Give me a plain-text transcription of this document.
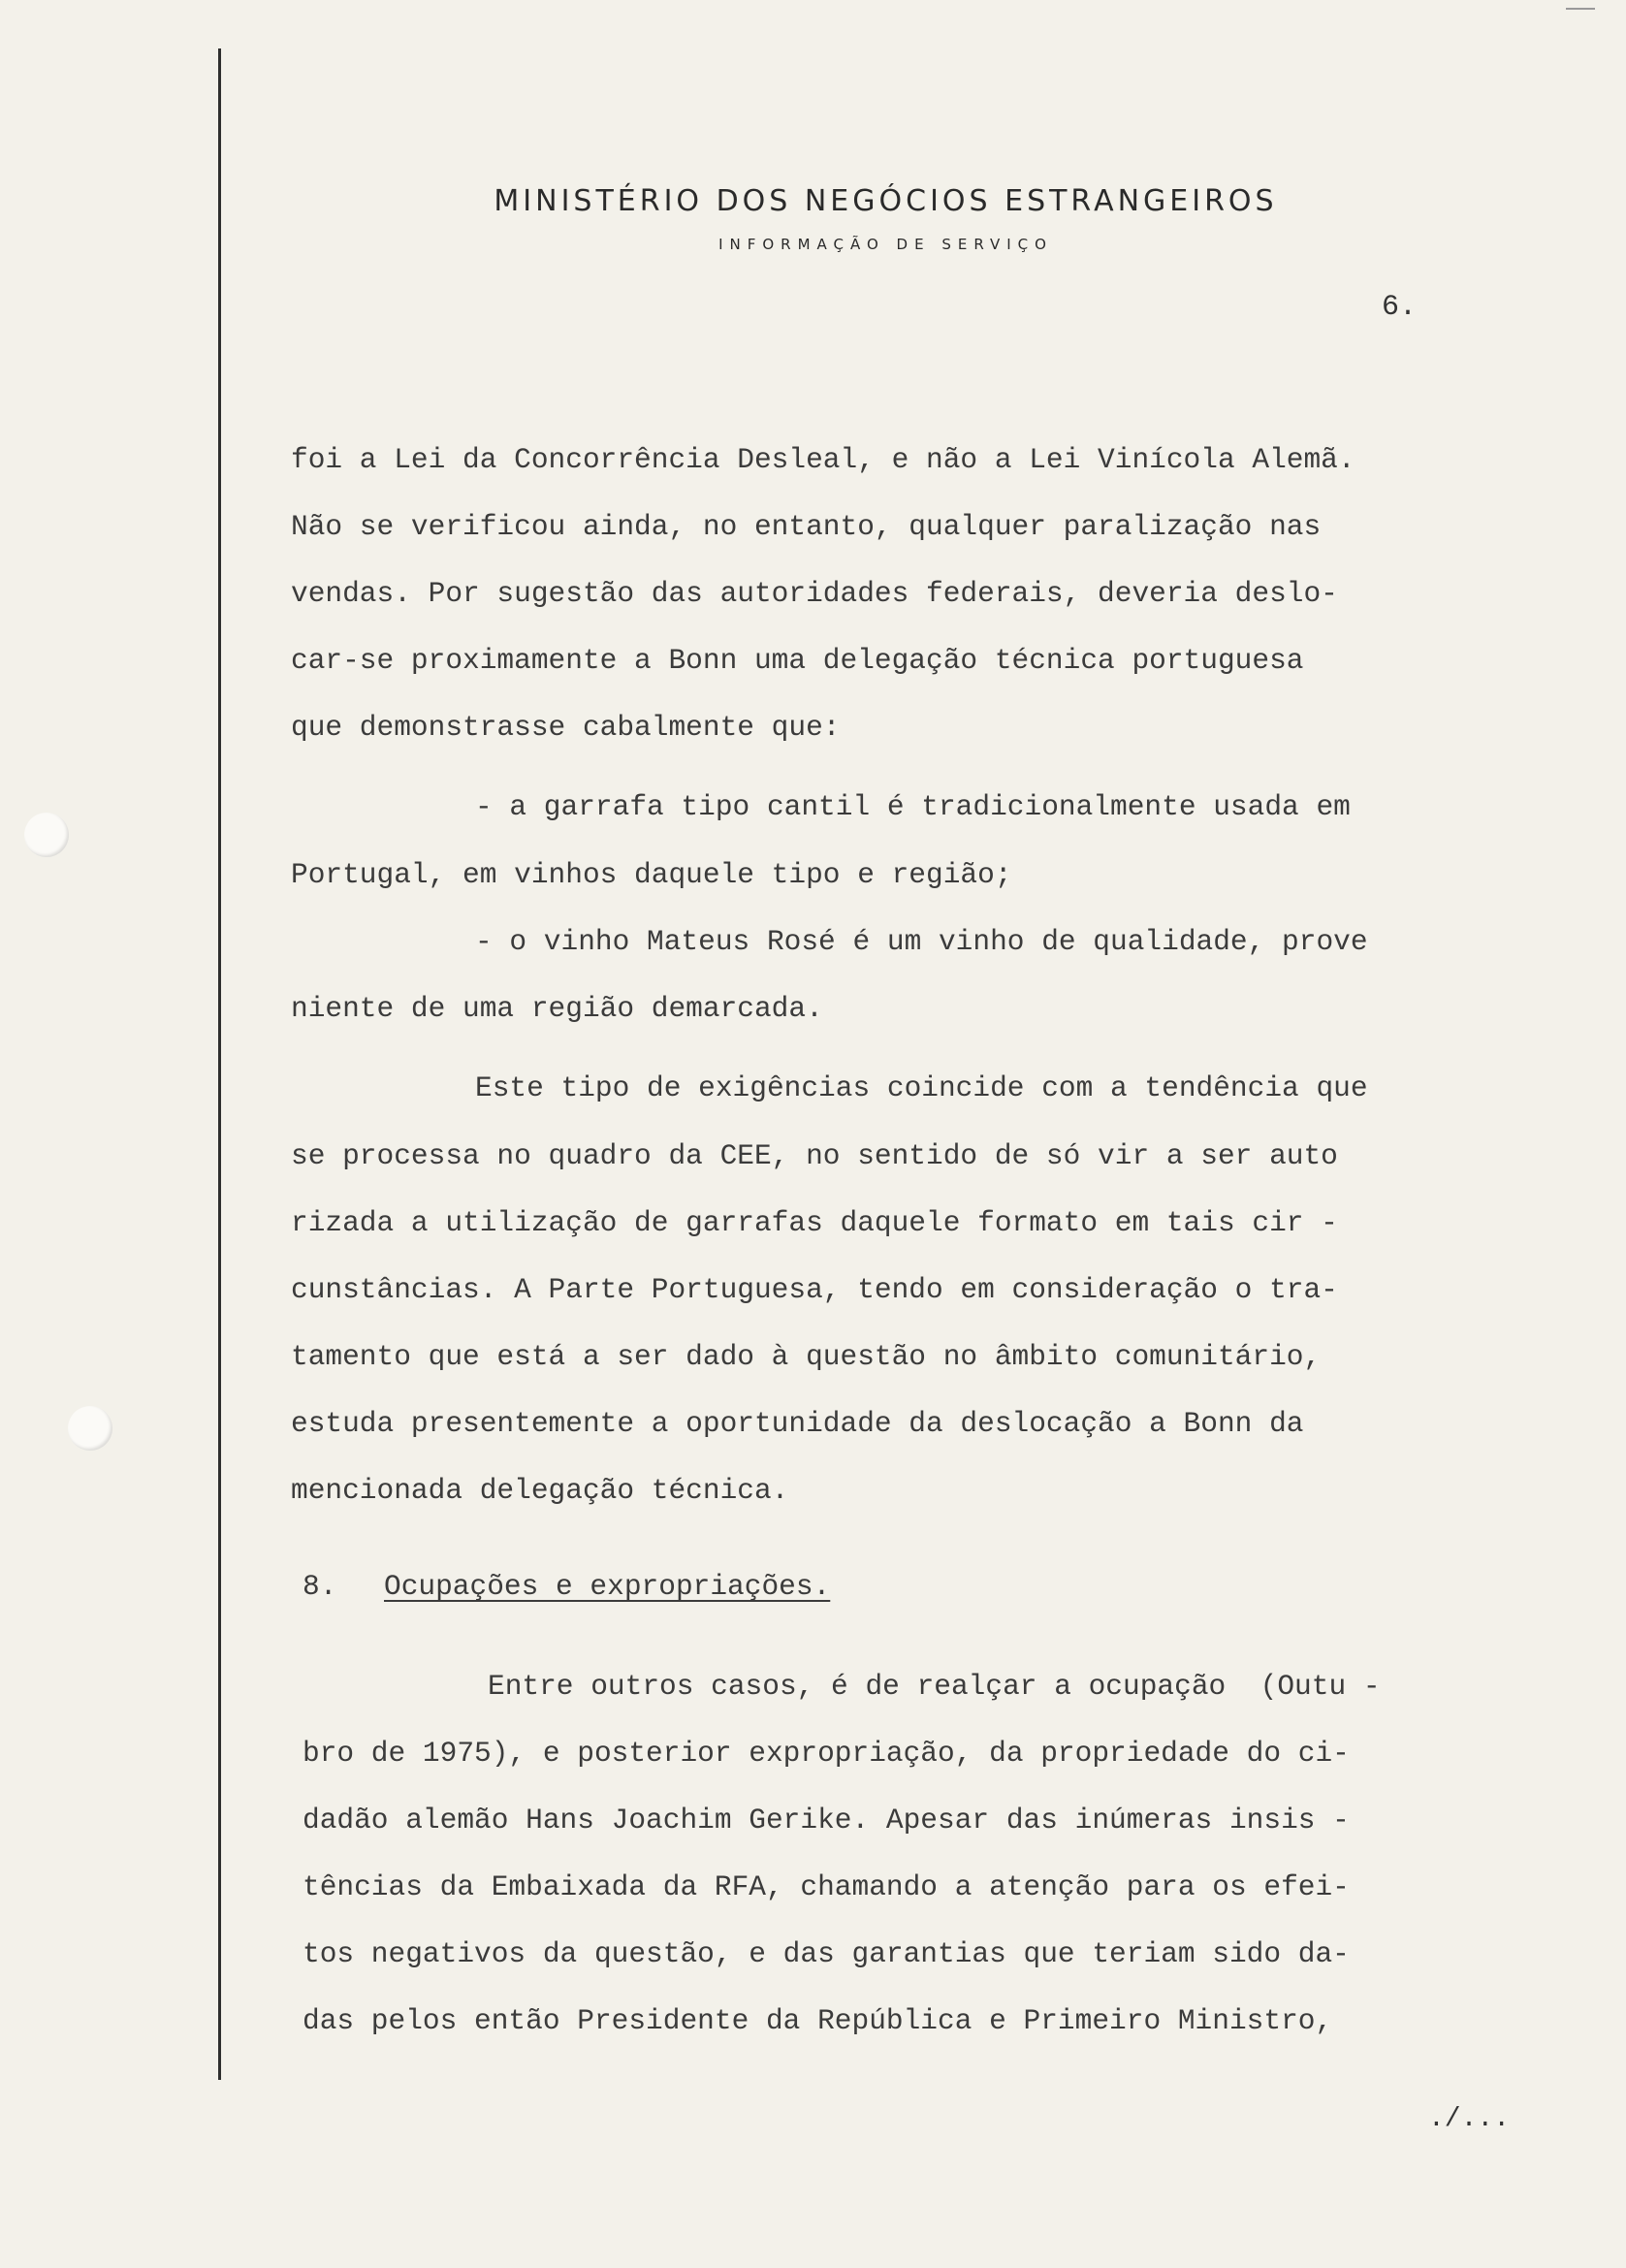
MINISTÉRIO DOS NEGÓCIOS ESTRANGEIROS
INFORMAÇÃO DE SERVIÇO
6.
foi a Lei da Concorrência Desleal, e não a Lei Vinícola Alemã.
Não se verificou ainda, no entanto, qualquer paralização nas
vendas. Por sugestão das autoridades federais, deveria deslo-
car-se proximamente a Bonn uma delegação técnica portuguesa
que demonstrasse cabalmente que:
- a garrafa tipo cantil é tradicionalmente usada em
Portugal, em vinhos daquele tipo e região;
- o vinho Mateus Rosé é um vinho de qualidade, prove
niente de uma região demarcada.
Este tipo de exigências coincide com a tendência que
se processa no quadro da CEE, no sentido de só vir a ser auto
rizada a utilização de garrafas daquele formato em tais cir -
cunstâncias. A Parte Portuguesa, tendo em consideração o tra-
tamento que está a ser dado à questão no âmbito comunitário,
estuda presentemente a oportunidade da deslocação a Bonn da
mencionada delegação técnica.
8. Ocupações e expropriações.
Entre outros casos, é de realçar a ocupação  (Outu -
bro de 1975), e posterior expropriação, da propriedade do ci-
dadão alemão Hans Joachim Gerike. Apesar das inúmeras insis -
tências da Embaixada da RFA, chamando a atenção para os efei-
tos negativos da questão, e das garantias que teriam sido da-
das pelos então Presidente da República e Primeiro Ministro,
./...
